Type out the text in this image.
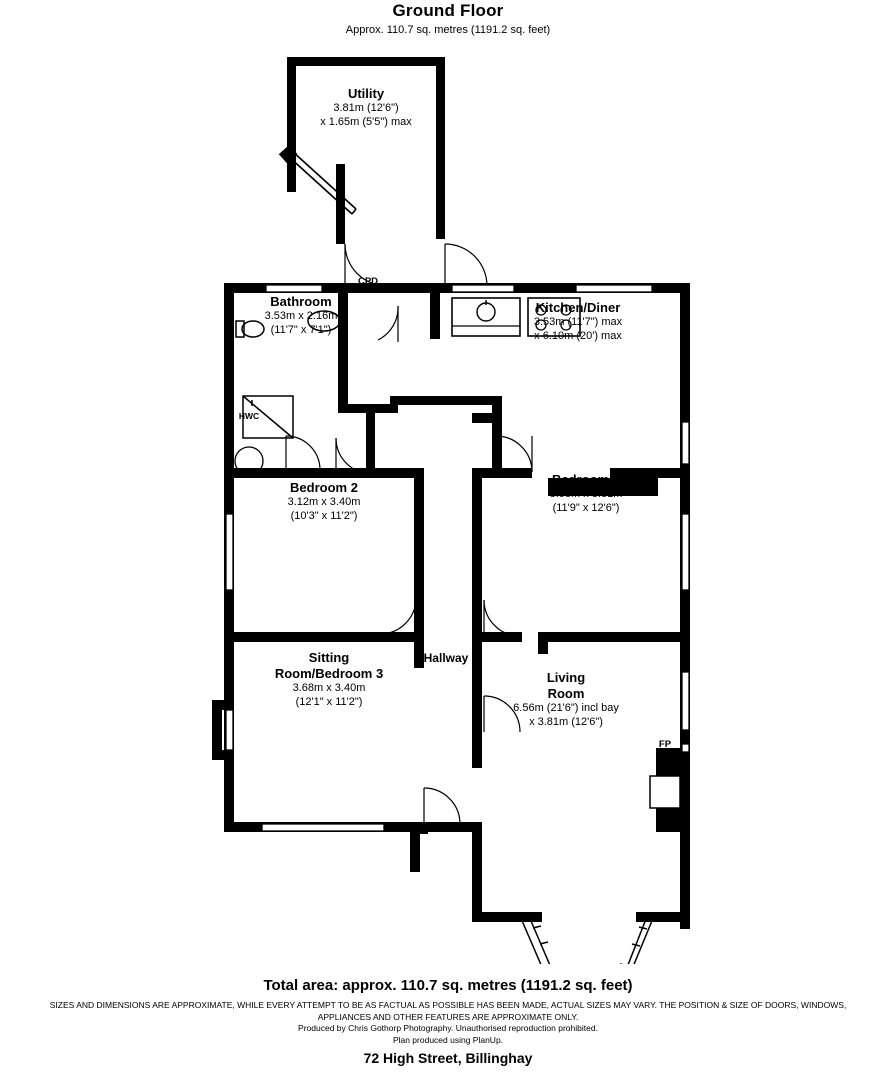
Ground Floor
Approx. 110.7 sq. metres (1191.2 sq. feet)
Utility
3.81m (12'6")
x 1.65m (5'5") max
Bathroom
3.53m x 2.16m
(11'7" x 7'1")
Kitchen/Diner
3.53m (11'7") max
x 6.10m (20') max
Bedroom 2
3.12m x 3.40m
(10'3" x 11'2")
Bedroom 1
3.58m x 3.81m
(11'9" x 12'6")
Sitting
Room/Bedroom 3
3.68m x 3.40m
(12'1" x 11'2")
Living
Room
6.56m (21'6") incl bay
x 3.81m (12'6")
CPD
HWC
Hallway
FP
Total area: approx. 110.7 sq. metres (1191.2 sq. feet)
SIZES AND DIMENSIONS ARE APPROXIMATE, WHILE EVERY ATTEMPT TO BE AS FACTUAL AS POSSIBLE HAS BEEN MADE, ACTUAL SIZES MAY VARY. THE POSITION & SIZE OF DOORS, WINDOWS,
APPLIANCES AND OTHER FEATURES ARE APPROXIMATE ONLY.
Produced by Chris Gothorp Photography. Unauthorised reproduction prohibited.
Plan produced using PlanUp.
72 High Street, Billinghay
